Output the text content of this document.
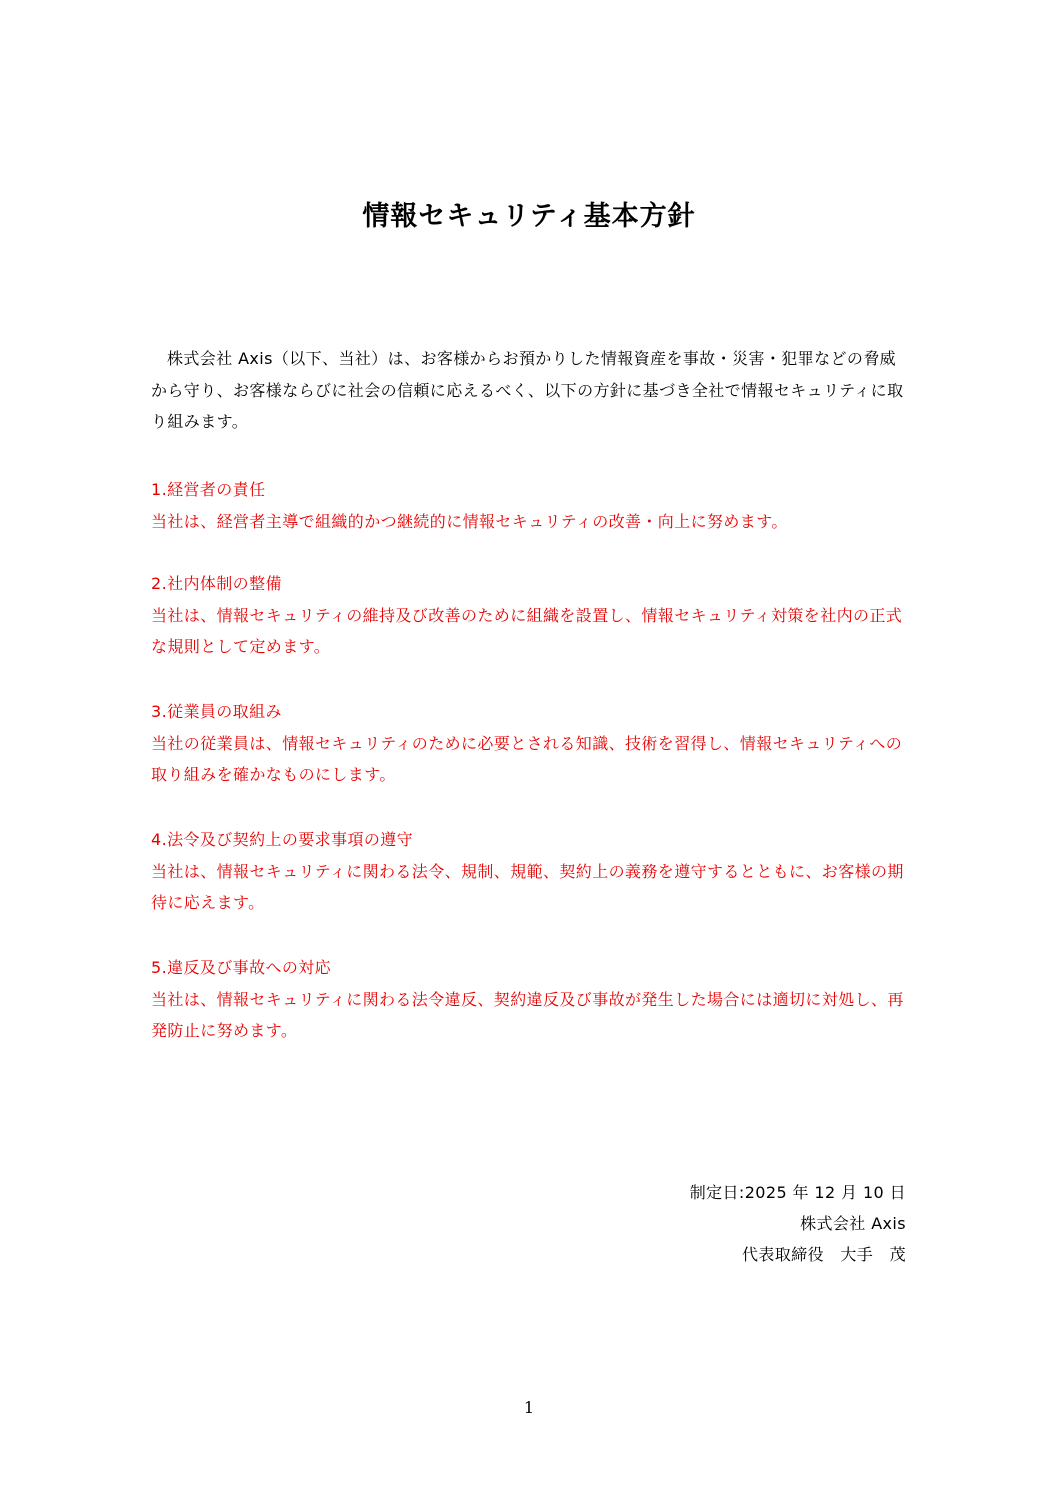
情報セキュリティ基本方針
株式会社 Axis（以下、当社）は、お客様からお預かりした情報資産を事故・災害・犯罪などの脅威から守り、お客様ならびに社会の信頼に応えるべく、以下の方針に基づき全社で情報セキュリティに取り組みます。

1.経営者の責任

当社は、経営者主導で組織的かつ継続的に情報セキュリティの改善・向上に努めます。

2.社内体制の整備

当社は、情報セキュリティの維持及び改善のために組織を設置し、情報セキュリティ対策を社内の正式な規則として定めます。

3.従業員の取組み

当社の従業員は、情報セキュリティのために必要とされる知識、技術を習得し、情報セキュリティへの取り組みを確かなものにします。

4.法令及び契約上の要求事項の遵守

当社は、情報セキュリティに関わる法令、規制、規範、契約上の義務を遵守するとともに、お客様の期待に応えます。

5.違反及び事故への対応

当社は、情報セキュリティに関わる法令違反、契約違反及び事故が発生した場合には適切に対処し、再発防止に努めます。

制定日:2025 年 12 月 10 日

株式会社 Axis

代表取締役　大手　茂

1
